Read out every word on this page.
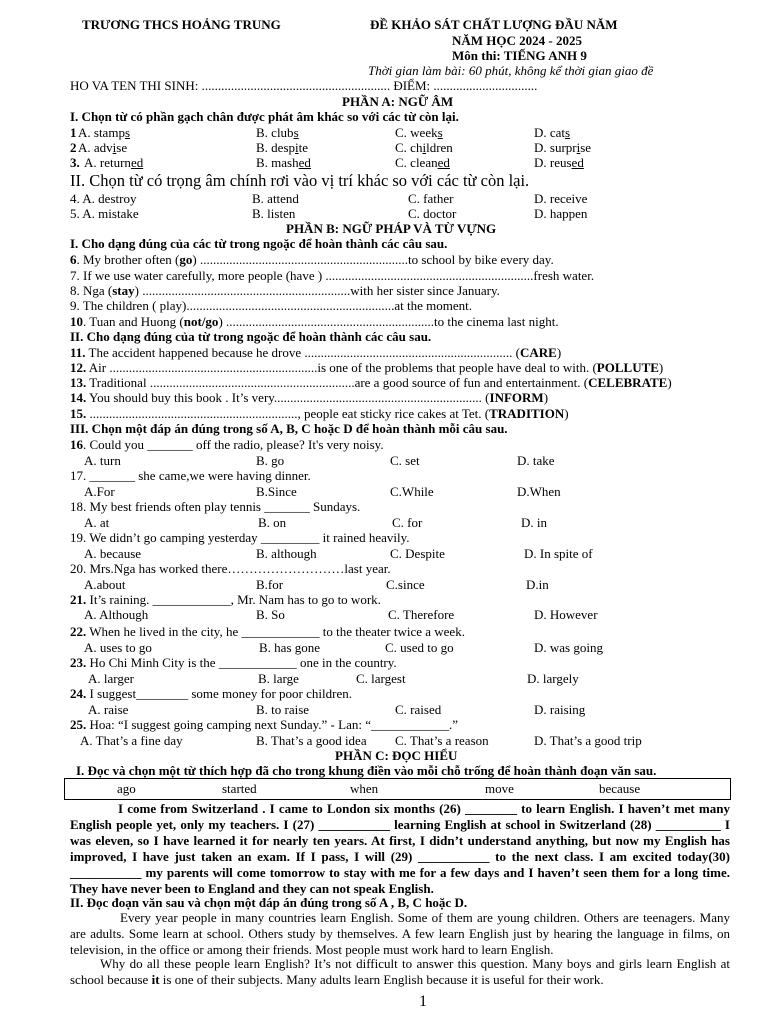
TRƯƠNG THCS HOẢNG TRUNG	ĐỀ KHẢO SÁT CHẤT LƯỢNG ĐẦU NĂM
NĂM HỌC 2024 - 2025
Môn thi: TIẾNG ANH 9
Thời gian làm bài: 60 phút, không kể thời gian giao đề
HO VA TEN THI SINH: .......................................................... ĐIỂM: ................................
PHẦN A: NGỮ ÂM
I. Chọn từ có phần gạch chân được phát âm khác so với các từ còn lại.
1 A. stamps	B. clubs	C. weeks	D. cats
2 A. advise	B. despite	C. children	D. surprise
3. A. returned	B. mashed	C. cleaned	D. reused
II. Chọn từ có trọng âm chính rơi vào vị trí khác so với các từ còn lại.
4. A. destroy	B. attend	C. father	D. receive
5. A. mistake	B. listen	C. doctor	D. happen
PHẦN B: NGỮ PHÁP VÀ TỪ VỰNG
I. Cho dạng đúng của các từ trong ngoặc để hoàn thành các câu sau.
6. My brother often (go) ................................................................to school by bike every day.
7. If we use water carefully, more people (have ) ................................................................fresh water.
8. Nga (stay) ................................................................with her sister since January.
9. The children ( play)................................................................at the moment.
10. Tuan and Huong (not/go) ................................................................to the cinema last night.
II. Cho dạng đúng của từ trong ngoặc để hoàn thành các câu sau.
11. The accident happened because he drove ................................................................ (CARE)
12. Air ................................................................is one of the problems that people have deal to with. (POLLUTE)
13. Traditional ...............................................................are a good source of fun and entertainment. (CELEBRATE)
14. You should buy this book . It’s very................................................................ (INFORM)
15. ................................................................, people eat sticky rice cakes at Tet. (TRADITION)
III. Chọn một đáp án đúng trong số A, B, C hoặc D để hoàn thành mỗi câu sau.
16. Could you _______ off the radio, please? It's very noisy.
A. turn	B. go	C. set	D. take
17. _______ she came,we were having dinner.
A.For	B.Since	C.While	D.When
18. My best friends often play tennis _______ Sundays.
A. at	B. on	C. for	D. in
19. We didn’t go camping yesterday _________ it rained heavily.
A. because	B. although	C. Despite	D. In spite of
20. Mrs.Nga has worked there………………………last year.
A.about	B.for	C.since	D.in
21. It’s raining. ____________, Mr. Nam has to go to work.
A. Although	B. So	C. Therefore	D. However
22. When he lived in the city, he ____________ to the theater twice a week.
A. uses to go	B. has gone	C. used to go	D. was going
23. Ho Chi Minh City is the ____________ one in the country.
A. larger	B. large	C. largest	D. largely
24. I suggest________ some money for poor children.
A. raise	B. to raise	C. raised	D. raising
25. Hoa: “I suggest going camping next Sunday.” - Lan: “____________.”
A. That’s a fine day	B. That’s a good idea C. That’s a reason	D. That’s a good trip
PHẦN C: ĐỌC HIỂU
I. Đọc và chọn một từ thích hợp đã cho trong khung điền vào mỗi chỗ trống để hoàn thành đoạn văn sau.
ago	started	when	move	because
I come from Switzerland . I came to London six months (26) ________ to learn English. I haven’t met many English people yet, only my teachers. I (27) ___________ learning English at school in Switzerland (28) __________ I was eleven, so I have learned it for nearly ten years. At first, I didn’t understand anything, but now my English has improved, I have just taken an exam. If I pass, I will (29) ___________ to the next class. I am excited today(30) ___________ my parents will come tomorrow to stay with me for a few days and I haven’t seen them for a long time. They have never been to England and they can not speak English.
II. Đọc đoạn văn sau và chọn một đáp án đúng trong số A , B, C hoặc D.
Every year people in many countries learn English. Some of them are young children. Others are teenagers. Many are adults. Some learn at school. Others study by themselves. A few learn English just by hearing the language in films, on television, in the office or among their friends. Most people must work hard to learn English.
Why do all these people learn English? It’s not difficult to answer this question. Many boys and girls learn English at school because it is one of their subjects. Many adults learn English because it is useful for their work.
1
